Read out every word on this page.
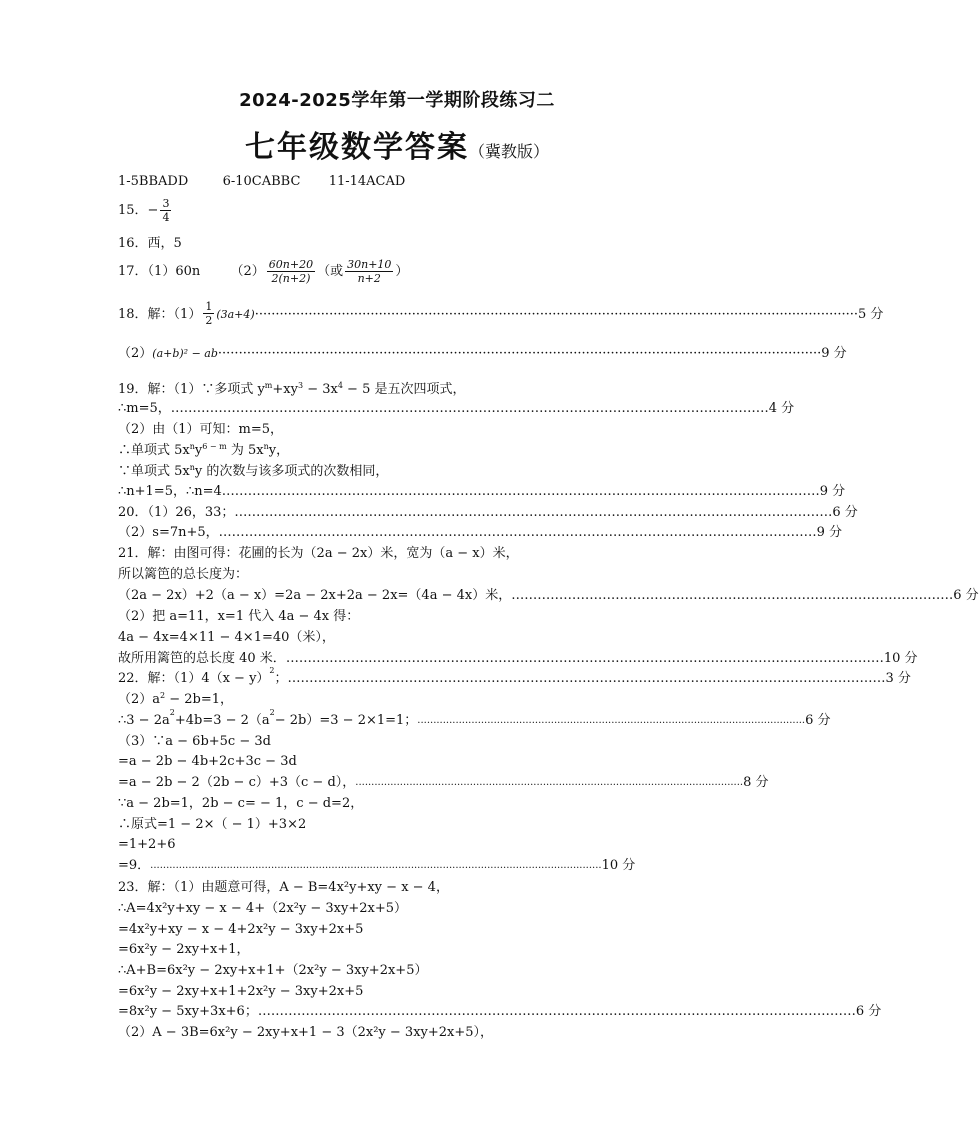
2024-2025学年第一学期阶段练习二
七年级数学答案（冀教版）
1-5BBADD	6-10CABBC 11-14ACAD
15．− $\frac{3}{4}$
16．西，5
17．（1）60n $(2) \frac{60n+20}{2(n+2)}$ （或 $\frac{30n+10}{n+2}$ ）
18．解：$(1) \frac{1}{2} (3a+4)$ ·················································································································································· 5 分
（2） (a+b)² − ab ·················································································································································· 9 分
19．解：（1）∵多项式 $y^m+xy^3 - 3x^4 - 5$ 是五次四项式，
∴m=5， ………………………………………………………………………………………………………………………… 4 分
（2）由（1）可知：m=5，
∴单项式 $5x^ny^{6 - m}$ 为 $5x^ny$，
∵单项式 $5x^ny$ 的次数与该多项式的次数相同，
∴n+1=5，∴n=4 ………………………………………………………………………………………………………………………… 9 分
20．（1）26，33； ………………………………………………………………………………………………………………………… 6 分
（2）s=7n+5， ………………………………………………………………………………………………………………………… 9 分
21．解：由图可得：花圃的长为（2a − 2x）米，宽为（a − x）米，
所以篱笆的总长度为：
（2a − 2x）+2（a − x）=2a − 2x+2a − 2x=（4a − 4x）米， ………………………………………………………………………………………… 6 分
（2）把 a=11，x=1 代入 4a − 4x 得：
4a − 4x=4×11 − 4×1=40（米），
故所用篱笆的总长度 40 米． ………………………………………………………………………………………………………………………… 10 分
22．解：（1）4（x − y）
2
； ………………………………………………………………………………………………………………………… 3 分
$(2)a^2 - 2b=1$，
∴3 − 2a
2
+4b=3 − 2（a
2
− 2b）=3 − 2×1=1； .......................................................................................................................... 6 分
（3）∵a − 6b+5c − 3d
=a − 2b − 4b+2c+3c − 3d
=a − 2b − 2（2b − c）+3（c − d）， .......................................................................................................................... 8 分
∵a − 2b=1，2b − c= − 1，c − d=2，
∴原式=1 − 2×（ − 1）+3×2
=1+2+6
=9． .............................................................................................................................................. 10 分
23．解：（1）由题意可得，A − B=4x²y+xy − x − 4，
∴A=4x²y+xy − x − 4+（2x²y − 3xy+2x+5）
=4x²y+xy − x − 4+2x²y − 3xy+2x+5
=6x²y − 2xy+x+1，
∴A+B=6x²y − 2xy+x+1+（2x²y − 3xy+2x+5）
=6x²y − 2xy+x+1+2x²y − 3xy+2x+5
=8x²y − 5xy+3x+6； ………………………………………………………………………………………………………………………… 6 分
（2）A − 3B=6x²y − 2xy+x+1 − 3（2x²y − 3xy+2x+5），
